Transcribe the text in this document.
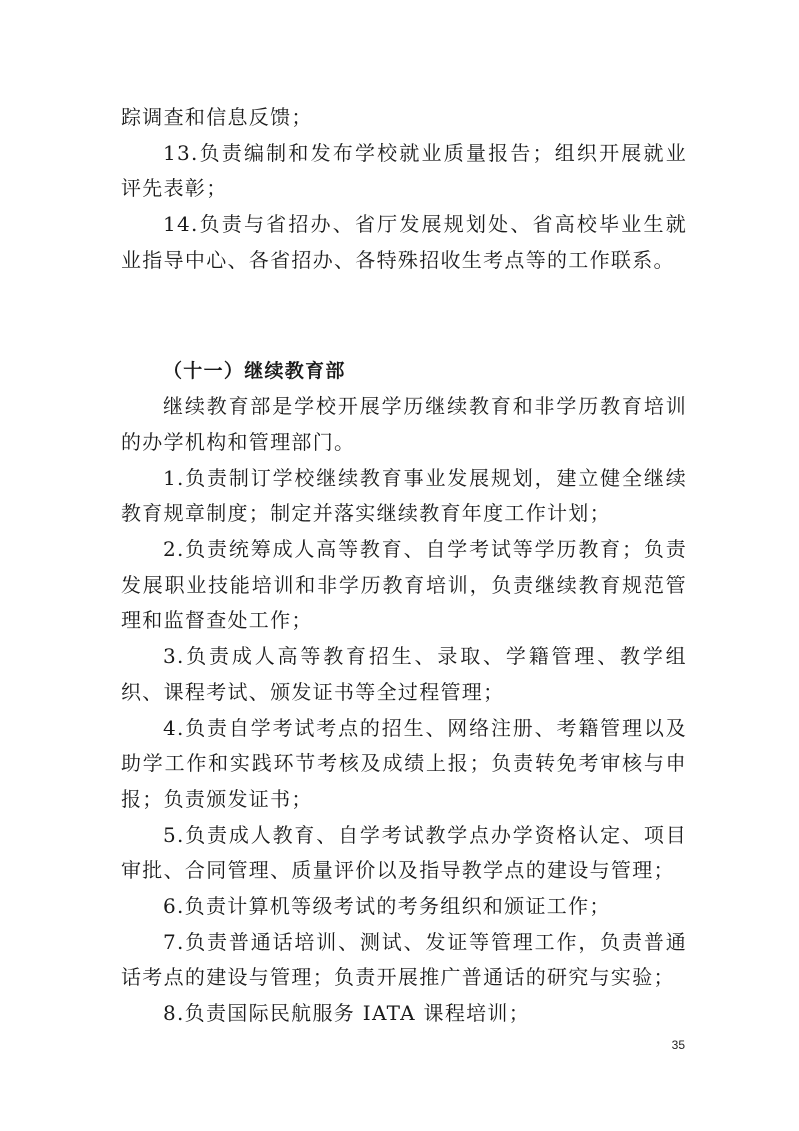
踪调查和信息反馈；

13.负责编制和发布学校就业质量报告；组织开展就业评先表彰；

14.负责与省招办、省厅发展规划处、省高校毕业生就业指导中心、各省招办、各特殊招收生考点等的工作联系。

（十一）继续教育部

继续教育部是学校开展学历继续教育和非学历教育培训的办学机构和管理部门。

1.负责制订学校继续教育事业发展规划，建立健全继续教育规章制度；制定并落实继续教育年度工作计划；

2.负责统筹成人高等教育、自学考试等学历教育；负责发展职业技能培训和非学历教育培训，负责继续教育规范管理和监督查处工作；

3.负责成人高等教育招生、录取、学籍管理、教学组织、课程考试、颁发证书等全过程管理；

4.负责自学考试考点的招生、网络注册、考籍管理以及助学工作和实践环节考核及成绩上报；负责转免考审核与申报；负责颁发证书；

5.负责成人教育、自学考试教学点办学资格认定、项目审批、合同管理、质量评价以及指导教学点的建设与管理；

6.负责计算机等级考试的考务组织和颁证工作；

7.负责普通话培训、测试、发证等管理工作，负责普通话考点的建设与管理；负责开展推广普通话的研究与实验；

8.负责国际民航服务 IATA 课程培训；

35
